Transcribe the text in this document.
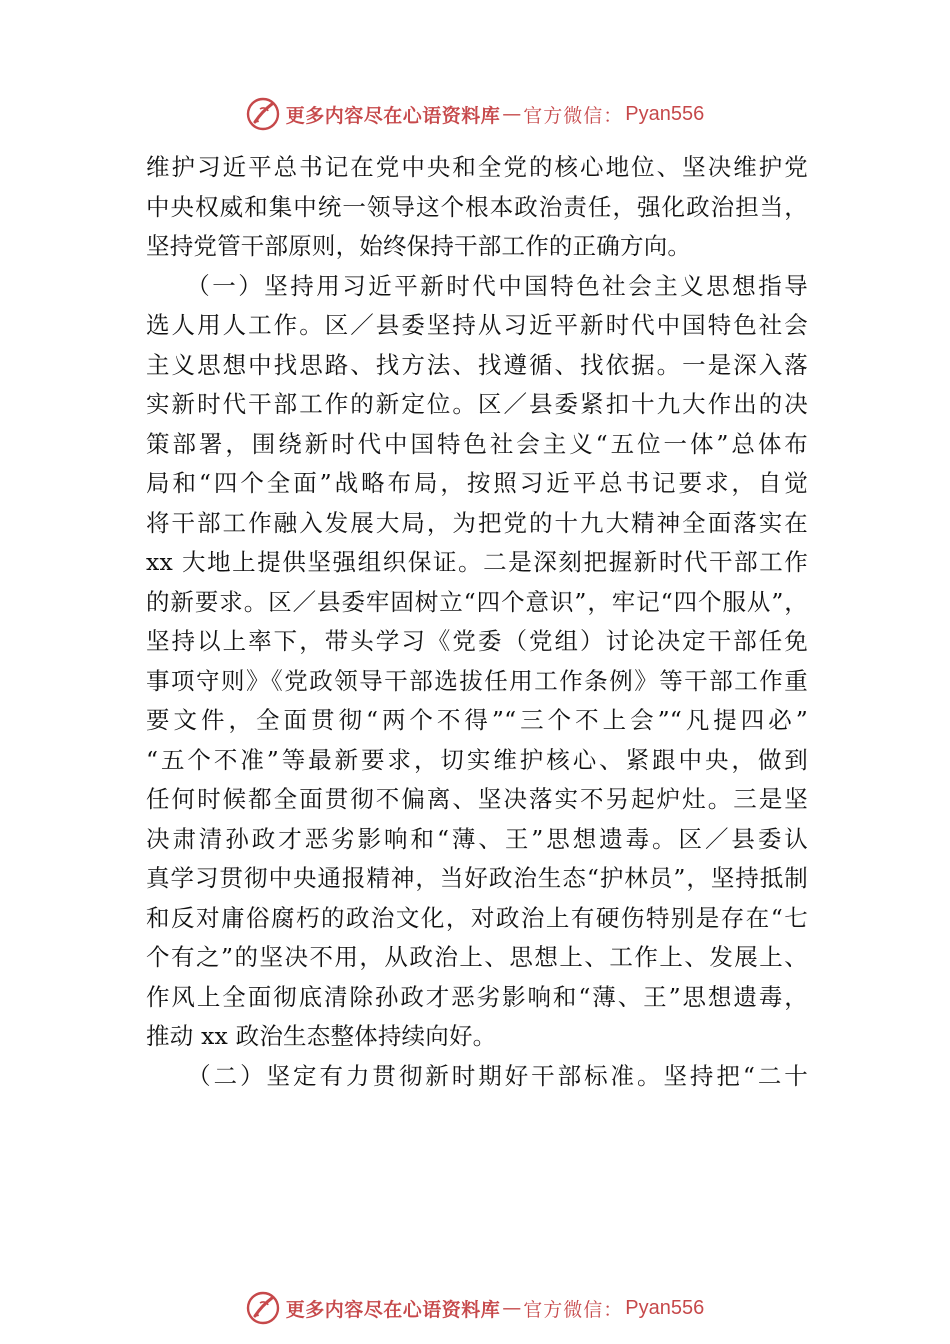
更多内容尽在心语资料库 — 官方微信： Pyan556
维护习近平总书记在党中央和全党的核心地位、坚决维护党
中央权威和集中统一领导这个根本政治责任，强化政治担当，
坚持党管干部原则，始终保持干部工作的正确方向。
　　（一）坚持用习近平新时代中国特色社会主义思想指导
选人用人工作。区／县委坚持从习近平新时代中国特色社会
主义思想中找思路、找方法、找遵循、找依据。一是深入落
实新时代干部工作的新定位。区／县委紧扣十九大作出的决
策部署，围绕新时代中国特色社会主义“五位一体”总体布
局和“四个全面”战略布局，按照习近平总书记要求，自觉
将干部工作融入发展大局，为把党的十九大精神全面落实在
xx 大地上提供坚强组织保证。二是深刻把握新时代干部工作
的新要求。区／县委牢固树立“四个意识”，牢记“四个服从”，
坚持以上率下，带头学习《党委（党组）讨论决定干部任免
事项守则》《党政领导干部选拔任用工作条例》等干部工作重
要文件，全面贯彻“两个不得”“三个不上会”“凡提四必”
“五个不准”等最新要求，切实维护核心、紧跟中央，做到
任何时候都全面贯彻不偏离、坚决落实不另起炉灶。三是坚
决肃清孙政才恶劣影响和“薄、王”思想遗毒。区／县委认
真学习贯彻中央通报精神，当好政治生态“护林员”，坚持抵制
和反对庸俗腐朽的政治文化，对政治上有硬伤特别是存在“七
个有之”的坚决不用，从政治上、思想上、工作上、发展上、
作风上全面彻底清除孙政才恶劣影响和“薄、王”思想遗毒，
推动 xx 政治生态整体持续向好。
　　（二）坚定有力贯彻新时期好干部标准。坚持把“二十
更多内容尽在心语资料库 — 官方微信： Pyan556
